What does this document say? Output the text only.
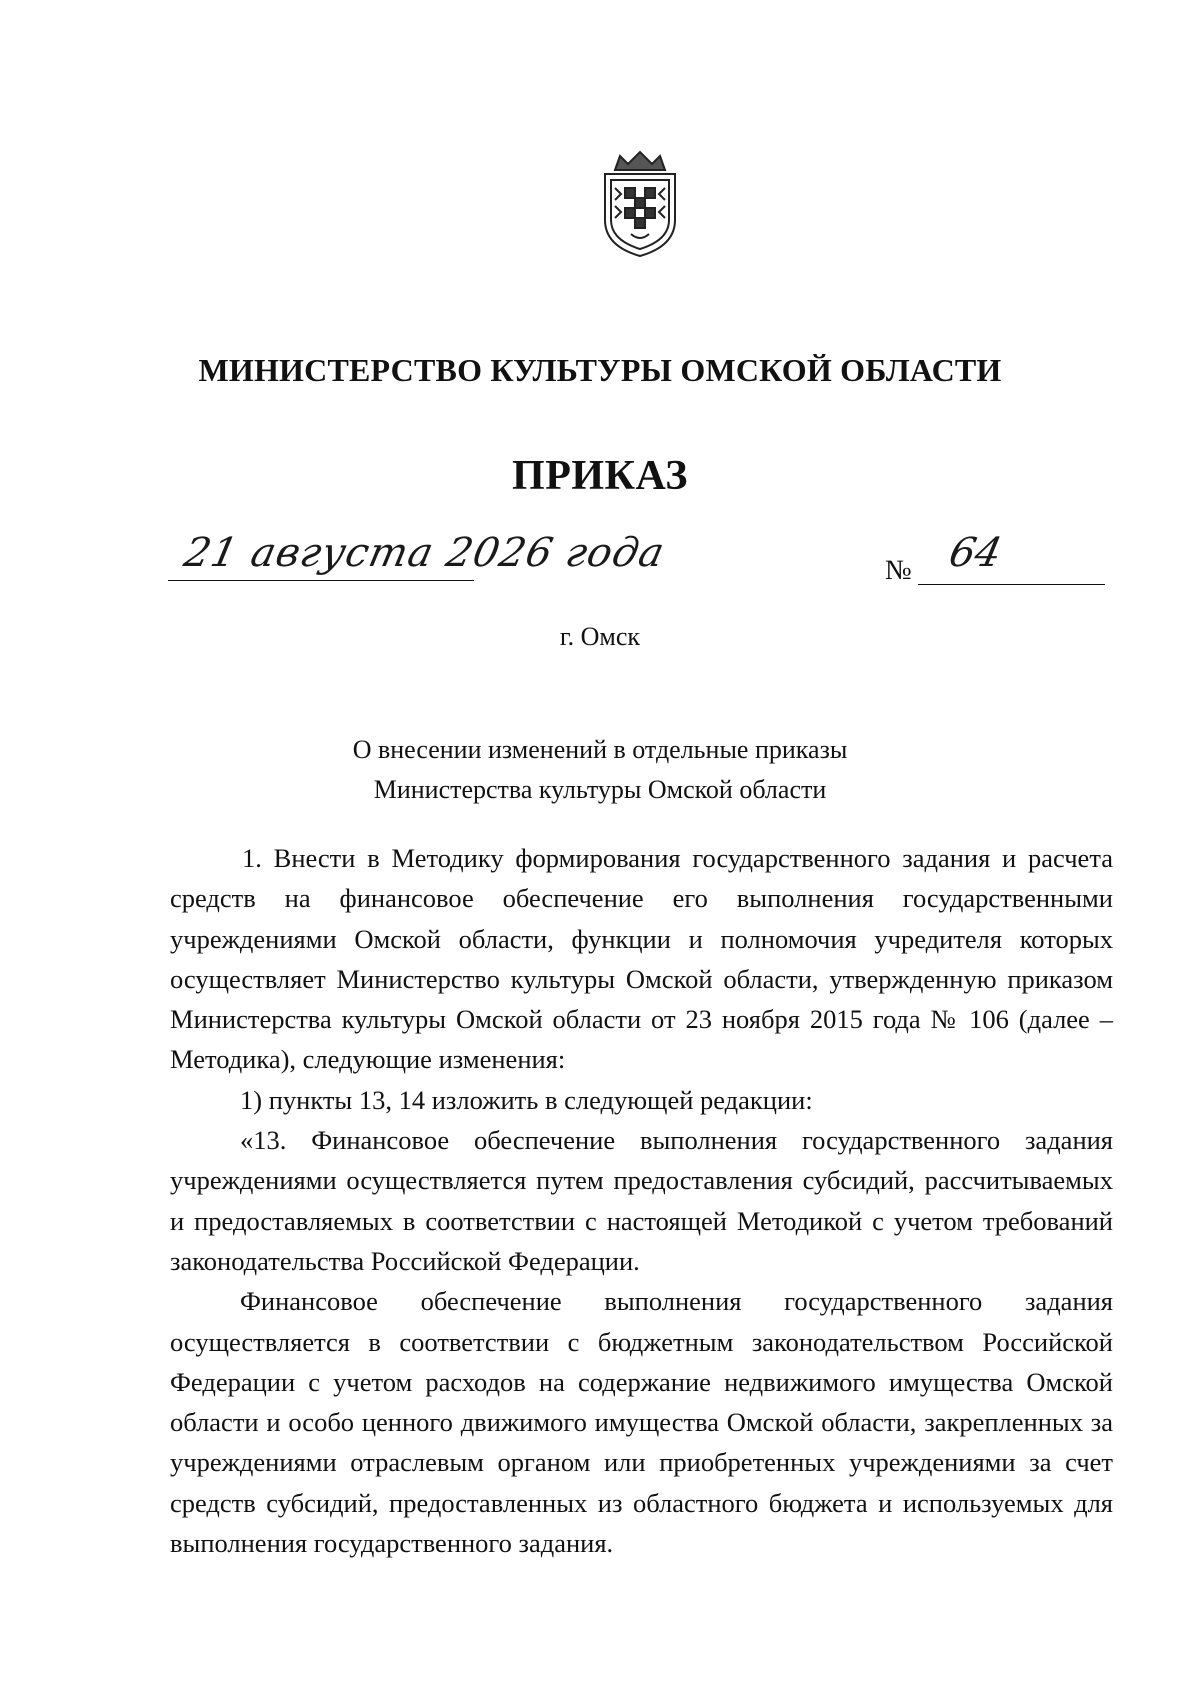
МИНИСТЕРСТВО КУЛЬТУРЫ ОМСКОЙ ОБЛАСТИ
ПРИКАЗ
21 августа 2026 года	№ 64
г. Омск
О внесении изменений в отдельные приказы
Министерства культуры Омской области

1. Внести в Методику формирования государственного задания и расчета средств на финансовое обеспечение его выполнения государственными учреждениями Омской области, функции и полномочия учредителя которых осуществляет Министерство культуры Омской области, утвержденную приказом Министерства культуры Омской области от 23 ноября 2015 года № 106 (далее – Методика), следующие изменения:

1) пункты 13, 14 изложить в следующей редакции:

«13. Финансовое обеспечение выполнения государственного задания учреждениями осуществляется путем предоставления субсидий, рассчитываемых и предоставляемых в соответствии с настоящей Методикой с учетом требований законодательства Российской Федерации.

Финансовое обеспечение выполнения государственного задания осуществляется в соответствии с бюджетным законодательством Российской Федерации с учетом расходов на содержание недвижимого имущества Омской области и особо ценного движимого имущества Омской области, закрепленных за учреждениями отраслевым органом или приобретенных учреждениями за счет средств субсидий, предоставленных из областного бюджета и используемых для выполнения государственного задания.
